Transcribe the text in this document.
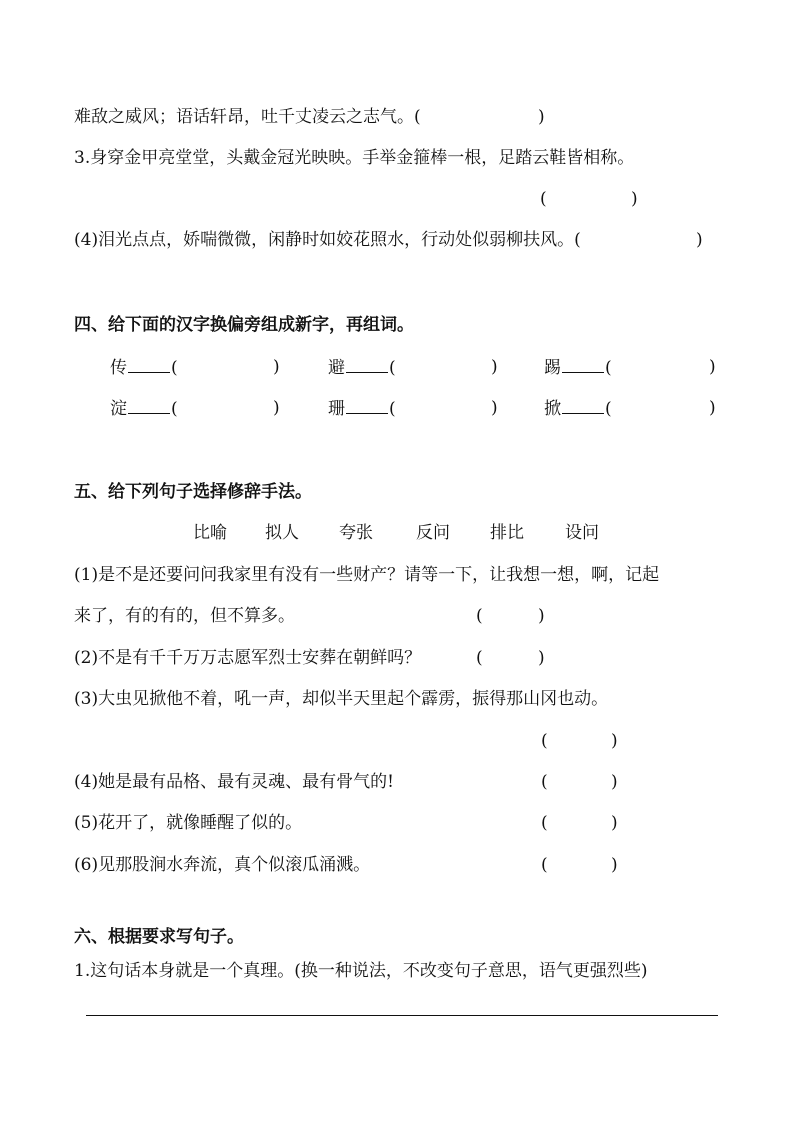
难敌之威风；语话轩昂，吐千丈凌云之志气。(	)
3.身穿金甲亮堂堂，头戴金冠光映映。手举金箍棒一根，足踏云鞋皆相称。
(	)
(4)泪光点点，娇喘微微，闲静时如姣花照水，行动处似弱柳扶风。(	)
四、给下面的汉字换偏旁组成新字，再组词。
传	(	)	避	(	)	踢	(	)
淀	(	)	珊	(	)	掀	(	)
五、给下列句子选择修辞手法。
比喻 拟人 夸张	反问 排比 设问
(1)是不是还要问问我家里有没有一些财产？请等一下，让我想一想，啊，记起
来了，有的有的，但不算多。	(	)
(2)不是有千千万万志愿军烈士安葬在朝鲜吗？	(	)
(3)大虫见掀他不着，吼一声，却似半天里起个霹雳，振得那山冈也动。
(	)
(4)她是最有品格、最有灵魂、最有骨气的!	(	)
(5)花开了，就像睡醒了似的。	(	)
(6)见那股涧水奔流，真个似滚瓜涌溅。	(	)
六、根据要求写句子。
1.这句话本身就是一个真理。(换一种说法，不改变句子意思，语气更强烈些)
